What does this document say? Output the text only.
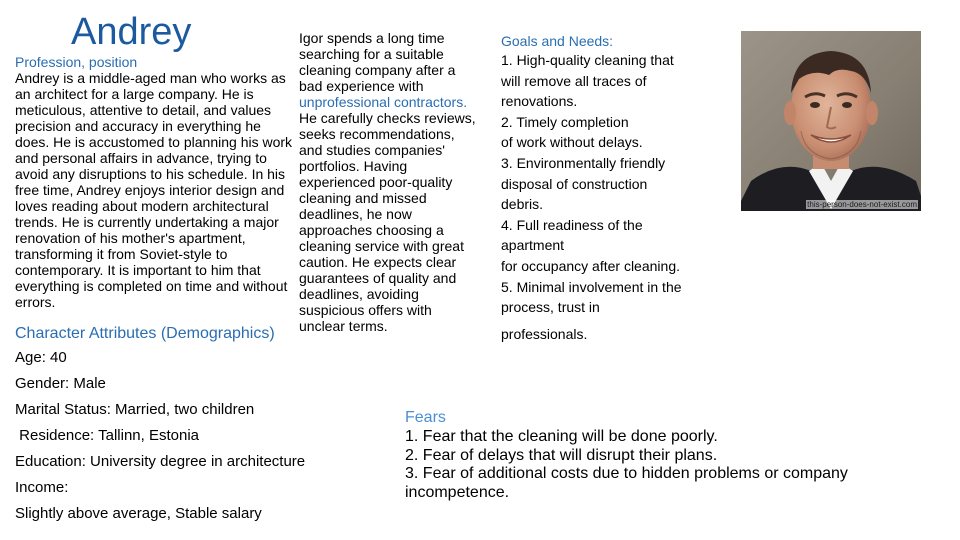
Andrey
Profession, position
Andrey is a middle-aged man who works as an architect for a large company. He is meticulous, attentive to detail, and values precision and accuracy in everything he does. He is accustomed to planning his work and personal affairs in advance, trying to avoid any disruptions to his schedule. In his free time, Andrey enjoys interior design and loves reading about modern architectural trends. He is currently undertaking a major renovation of his mother's apartment, transforming it from Soviet-style to contemporary. It is important to him that everything is completed on time and without errors.
Character Attributes (Demographics)
Age: 40
Gender: Male
Marital Status: Married, two children
Residence: Tallinn, Estonia
Education: University degree in architecture
Income:
Slightly above average, Stable salary
Igor spends a long time searching for a suitable cleaning company after a bad experience with unprofessional contractors. He carefully checks reviews, seeks recommendations, and studies companies' portfolios. Having experienced poor-quality cleaning and missed deadlines, he now approaches choosing a cleaning service with great caution. He expects clear guarantees of quality and deadlines, avoiding suspicious offers with unclear terms.
Goals and Needs:
1. High-quality cleaning that
will remove all traces of
renovations.
2. Timely completion
of work without delays.
3. Environmentally friendly
disposal of construction
debris.
4. Full readiness of the
apartment
for occupancy after cleaning.
5. Minimal involvement in the
process, trust in
professionals.
this-person-does-not-exist.com
Fears
1. Fear that the cleaning will be done poorly.
2. Fear of delays that will disrupt their plans.
3. Fear of additional costs due to hidden problems or company incompetence.
